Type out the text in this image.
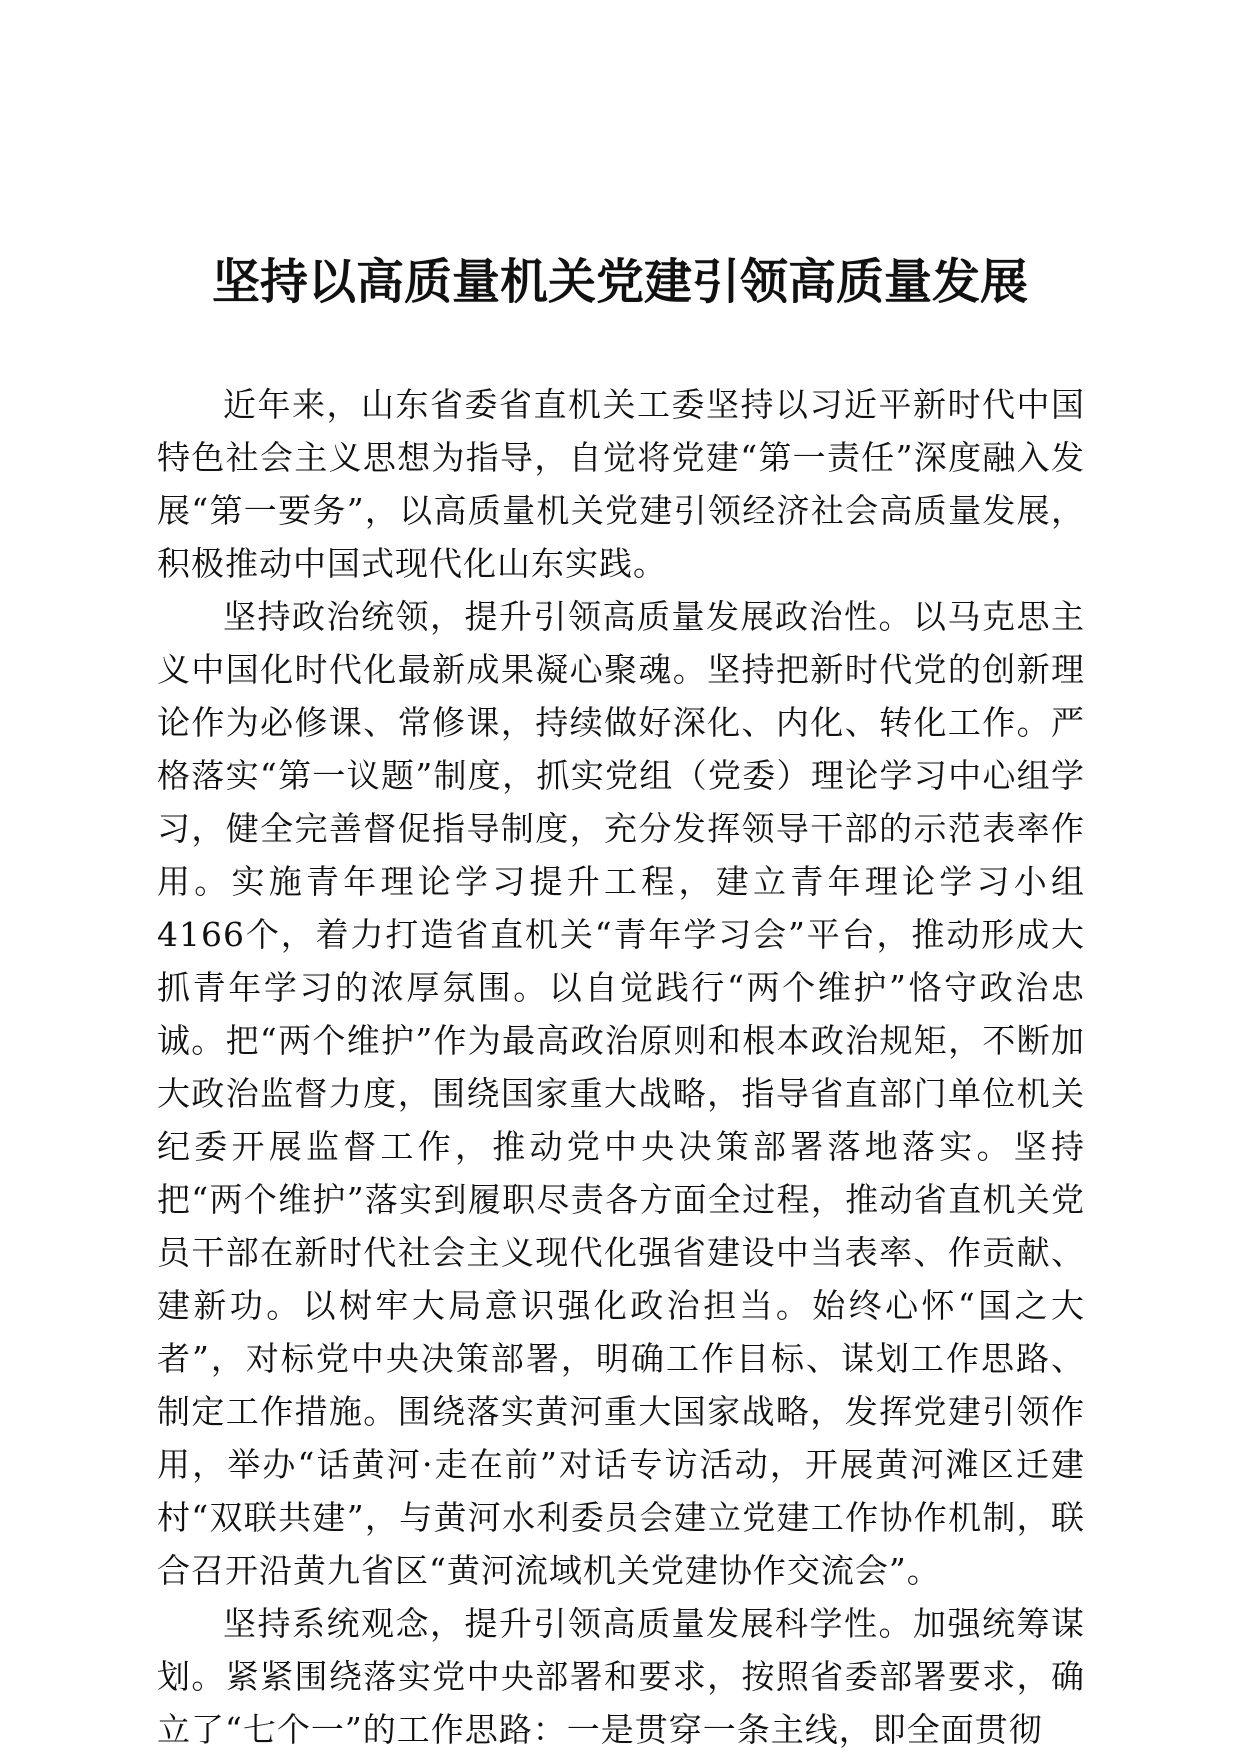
坚持以高质量机关党建引领高质量发展

近年来，山东省委省直机关工委坚持以习近平新时代中国特色社会主义思想为指导，自觉将党建“第一责任”深度融入发展“第一要务”，以高质量机关党建引领经济社会高质量发展，积极推动中国式现代化山东实践。

坚持政治统领，提升引领高质量发展政治性。以马克思主义中国化时代化最新成果凝心聚魂。坚持把新时代党的创新理论作为必修课、常修课，持续做好深化、内化、转化工作。严格落实“第一议题”制度，抓实党组（党委）理论学习中心组学习，健全完善督促指导制度，充分发挥领导干部的示范表率作用。实施青年理论学习提升工程，建立青年理论学习小组4166个，着力打造省直机关“青年学习会”平台，推动形成大抓青年学习的浓厚氛围。以自觉践行“两个维护”恪守政治忠诚。把“两个维护”作为最高政治原则和根本政治规矩，不断加大政治监督力度，围绕国家重大战略，指导省直部门单位机关纪委开展监督工作，推动党中央决策部署落地落实。坚持把“两个维护”落实到履职尽责各方面全过程，推动省直机关党员干部在新时代社会主义现代化强省建设中当表率、作贡献、建新功。以树牢大局意识强化政治担当。始终心怀“国之大者”，对标党中央决策部署，明确工作目标、谋划工作思路、制定工作措施。围绕落实黄河重大国家战略，发挥党建引领作用，举办“话黄河·走在前”对话专访活动，开展黄河滩区迁建村“双联共建”，与黄河水利委员会建立党建工作协作机制，联合召开沿黄九省区“黄河流域机关党建协作交流会”。

坚持系统观念，提升引领高质量发展科学性。加强统筹谋划。紧紧围绕落实党中央部署和要求，按照省委部署要求，确立了“七个一”的工作思路：一是贯穿一条主线，即全面贯彻
